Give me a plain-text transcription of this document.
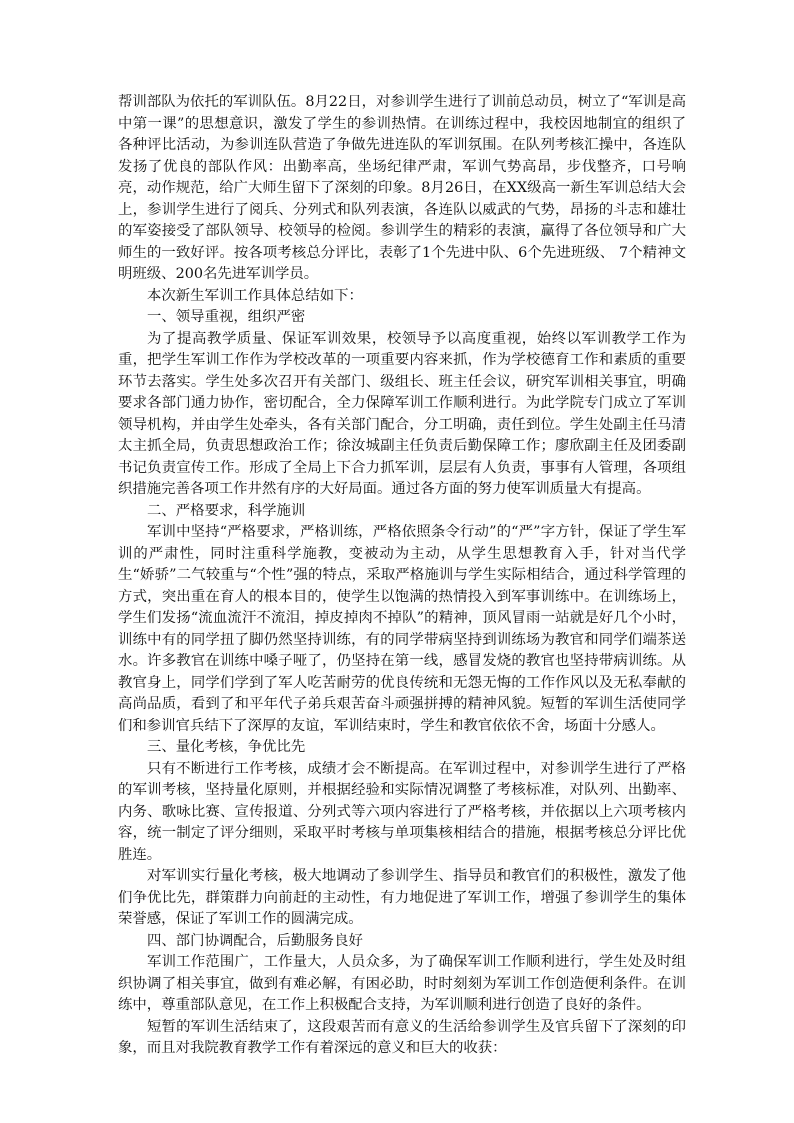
帮训部队为依托的军训队伍。8月22日，对参训学生进行了训前总动员，树立了“军训是高中第一课”的思想意识，激发了学生的参训热情。在训练过程中，我校因地制宜的组织了各种评比活动，为参训连队营造了争做先进连队的军训氛围。在队列考核汇操中，各连队发扬了优良的部队作风：出勤率高，坐场纪律严肃，军训气势高昂，步伐整齐，口号响亮，动作规范，给广大师生留下了深刻的印象。8月26日，在XX级高一新生军训总结大会上，参训学生进行了阅兵、分列式和队列表演，各连队以威武的气势，昂扬的斗志和雄壮的军姿接受了部队领导、校领导的检阅。参训学生的精彩的表演，赢得了各位领导和广大师生的一致好评。按各项考核总分评比，表彰了1个先进中队、6个先进班级、 7个精神文明班级、200名先进军训学员。

本次新生军训工作具体总结如下：

一、领导重视，组织严密

为了提高教学质量、保证军训效果，校领导予以高度重视，始终以军训教学工作为重，把学生军训工作作为学校改革的一项重要内容来抓，作为学校德育工作和素质的重要环节去落实。学生处多次召开有关部门、级组长、班主任会议，研究军训相关事宜，明确要求各部门通力协作，密切配合，全力保障军训工作顺利进行。为此学院专门成立了军训领导机构，并由学生处牵头，各有关部门配合，分工明确，责任到位。学生处副主任马清太主抓全局，负责思想政治工作；徐汝城副主任负责后勤保障工作；廖欣副主任及团委副书记负责宣传工作。形成了全局上下合力抓军训，层层有人负责，事事有人管理，各项组织措施完善各项工作井然有序的大好局面。通过各方面的努力使军训质量大有提高。

二、严格要求，科学施训

军训中坚持“严格要求，严格训练，严格依照条令行动”的“严”字方针，保证了学生军训的严肃性，同时注重科学施教，变被动为主动，从学生思想教育入手，针对当代学生“娇骄”二气较重与“个性”强的特点，采取严格施训与学生实际相结合，通过科学管理的方式，突出重在育人的根本目的，使学生以饱满的热情投入到军事训练中。在训练场上，学生们发扬“流血流汗不流泪，掉皮掉肉不掉队”的精神，顶风冒雨一站就是好几个小时，训练中有的同学扭了脚仍然坚持训练，有的同学带病坚持到训练场为教官和同学们端茶送水。许多教官在训练中嗓子哑了，仍坚持在第一线，感冒发烧的教官也坚持带病训练。从教官身上，同学们学到了军人吃苦耐劳的优良传统和无怨无悔的工作作风以及无私奉献的高尚品质，看到了和平年代子弟兵艰苦奋斗顽强拼搏的精神风貌。短暂的军训生活使同学们和参训官兵结下了深厚的友谊，军训结束时，学生和教官依依不舍，场面十分感人。

三、量化考核，争优比先

只有不断进行工作考核，成绩才会不断提高。在军训过程中，对参训学生进行了严格的军训考核，坚持量化原则，并根据经验和实际情况调整了考核标准，对队列、出勤率、内务、歌咏比赛、宣传报道、分列式等六项内容进行了严格考核，并依据以上六项考核内容，统一制定了评分细则，采取平时考核与单项集核相结合的措施，根据考核总分评比优胜连。

对军训实行量化考核，极大地调动了参训学生、指导员和教官们的积极性，激发了他们争优比先，群策群力向前赶的主动性，有力地促进了军训工作，增强了参训学生的集体荣誉感，保证了军训工作的圆满完成。

四、部门协调配合，后勤服务良好

军训工作范围广，工作量大，人员众多，为了确保军训工作顺利进行，学生处及时组织协调了相关事宜，做到有难必解，有困必助，时时刻刻为军训工作创造便利条件。在训练中，尊重部队意见，在工作上积极配合支持，为军训顺利进行创造了良好的条件。

短暂的军训生活结束了，这段艰苦而有意义的生活给参训学生及官兵留下了深刻的印象，而且对我院教育教学工作有着深远的意义和巨大的收获：
